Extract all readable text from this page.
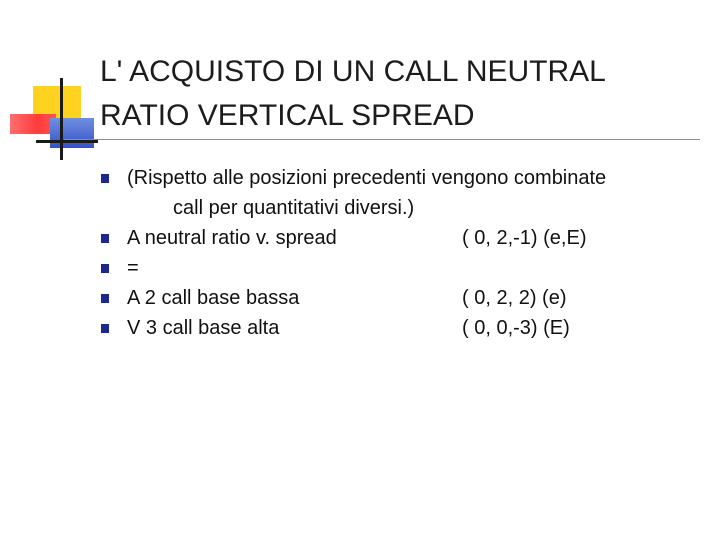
L' ACQUISTO DI UN CALL NEUTRAL
RATIO VERTICAL SPREAD
(Rispetto alle posizioni precedenti vengono combinate
call per quantitativi diversi.)
A neutral ratio v. spread	( 0, 2,-1) (e,E)
=
A 2 call base bassa	( 0, 2, 2) (e)
V 3 call base alta	( 0, 0,-3) (E)
